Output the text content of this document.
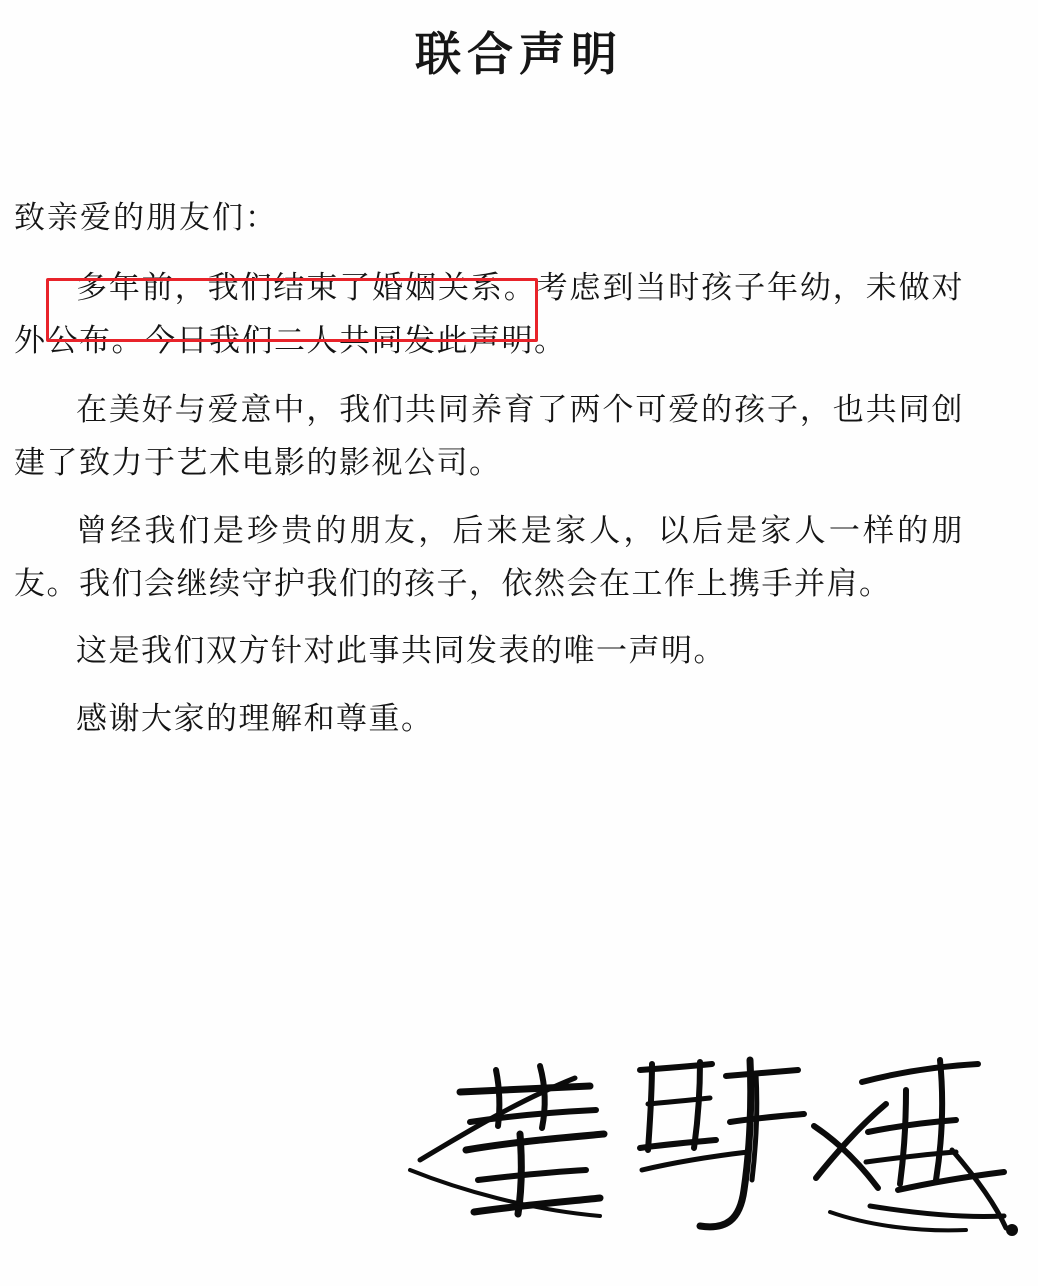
联合声明

致亲爱的朋友们：

多年前，我们结束了婚姻关系。考虑到当时孩子年幼，未做对外公布。今日我们二人共同发此声明。

在美好与爱意中，我们共同养育了两个可爱的孩子，也共同创建了致力于艺术电影的影视公司。

曾经我们是珍贵的朋友，后来是家人，以后是家人一样的朋友。我们会继续守护我们的孩子，依然会在工作上携手并肩。

这是我们双方针对此事共同发表的唯一声明。

感谢大家的理解和尊重。
